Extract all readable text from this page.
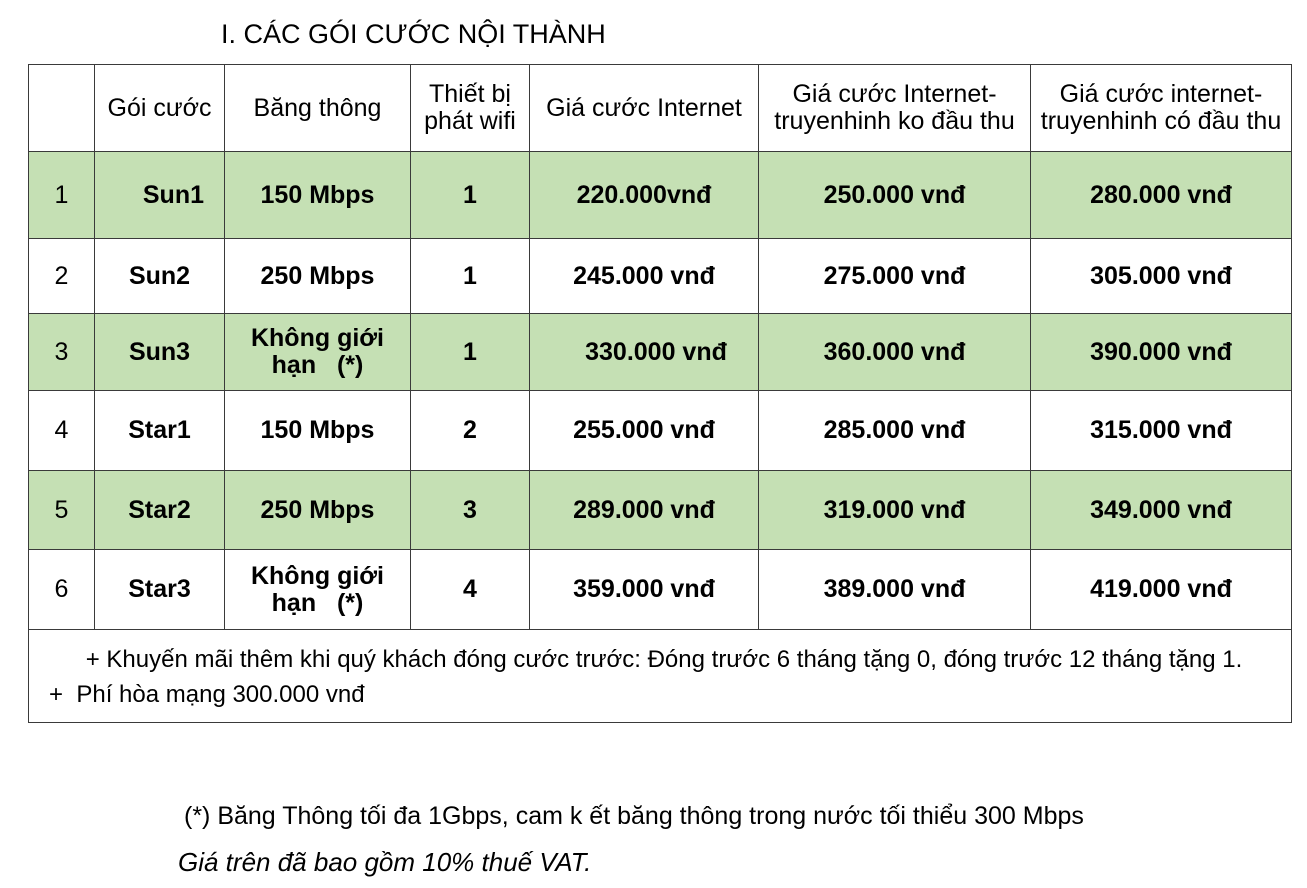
I. CÁC GÓI CƯỚC NỘI THÀNH
	Gói cước	Băng thông	Thiết bị
phát wifi	Giá cước Internet	Giá cước Internet-
truyenhinh ko đầu thu	Giá cước internet-
truyenhinh có đầu thu

1	Sun1	150 Mbps	1	220.000vnđ	250.000 vnđ	280.000 vnđ
2	Sun2	250 Mbps	1	245.000 vnđ	275.000 vnđ	305.000 vnđ
3	Sun3	Không giới
hạn   (*)	1	330.000 vnđ	360.000 vnđ	390.000 vnđ
4	Star1	150 Mbps	2	255.000 vnđ	285.000 vnđ	315.000 vnđ
5	Star2	250 Mbps	3	289.000 vnđ	319.000 vnđ	349.000 vnđ
6	Star3	Không giới
hạn   (*)	4	359.000 vnđ	389.000 vnđ	419.000 vnđ

+ Khuyến mãi thêm khi quý khách đóng cước trước: Đóng trước 6 tháng tặng 0, đóng trước 12 tháng tặng 1.
+  Phí hòa mạng 300.000 vnđ						
(*) Băng Thông tối đa 1Gbps, cam k ết băng thông trong nước tối thiểu 300 Mbps
Giá trên đã bao gồm 10% thuế VAT.
